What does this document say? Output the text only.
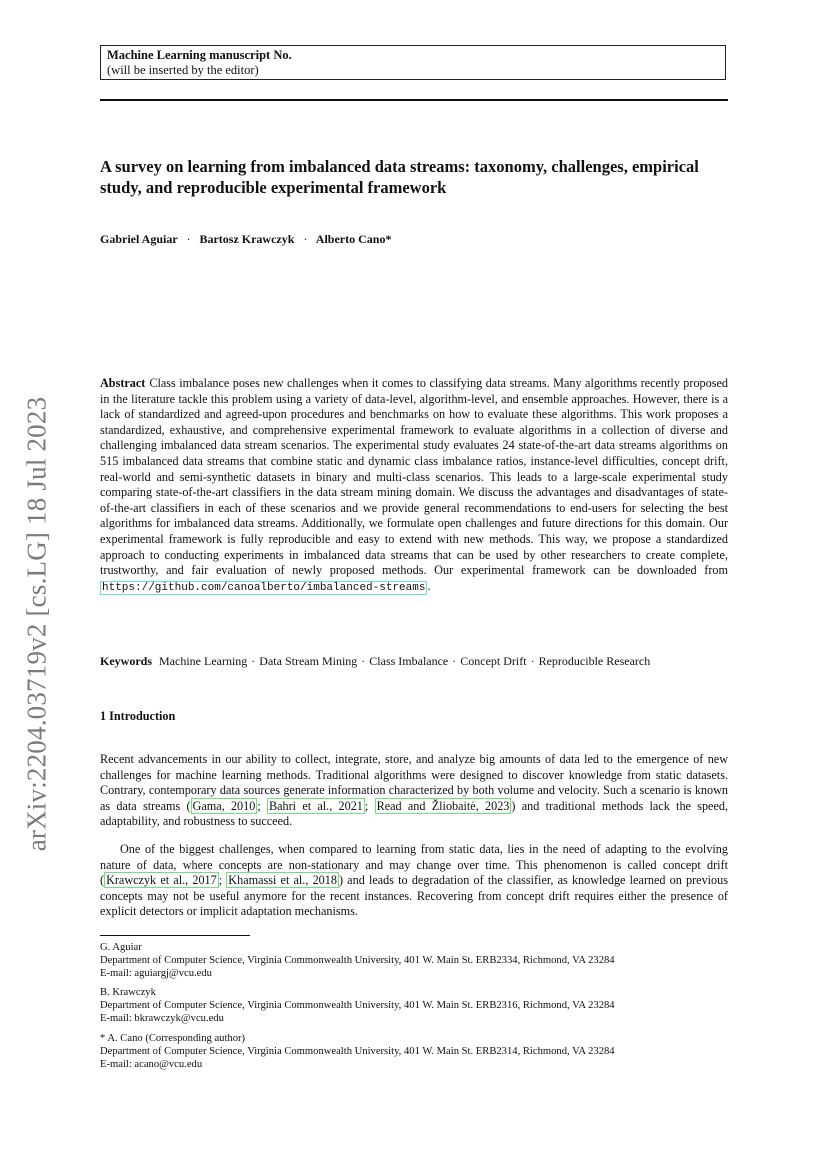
arXiv:2204.03719v2 [cs.LG] 18 Jul 2023
Machine Learning manuscript No.
(will be inserted by the editor)
A survey on learning from imbalanced data streams: taxonomy, challenges, empirical study, and reproducible experimental framework
Gabriel Aguiar · Bartosz Krawczyk · Alberto Cano*

Abstract Class imbalance poses new challenges when it comes to classifying data streams. Many algorithms recently proposed in the literature tackle this problem using a variety of data-level, algorithm-level, and ensemble approaches. However, there is a lack of standardized and agreed-upon procedures and benchmarks on how to evaluate these algorithms. This work proposes a standardized, exhaustive, and comprehensive experimental framework to evaluate algorithms in a collection of diverse and challenging imbalanced data stream scenarios. The experimental study evaluates 24 state-of-the-art data streams algorithms on 515 imbalanced data streams that combine static and dynamic class imbalance ratios, instance-level difficulties, concept drift, real-world and semi-synthetic datasets in binary and multi-class scenarios. This leads to a large-scale experimental study comparing state-of-the-art classifiers in the data stream mining domain. We discuss the advantages and disadvantages of state-of-the-art classifiers in each of these scenarios and we provide general recommendations to end-users for selecting the best algorithms for imbalanced data streams. Additionally, we formulate open challenges and future directions for this domain. Our experimental framework is fully reproducible and easy to extend with new methods. This way, we propose a standardized approach to conducting experiments in imbalanced data streams that can be used by other researchers to create complete, trustworthy, and fair evaluation of newly proposed methods. Our experimental framework can be downloaded from https://github.com/canoalberto/imbalanced-streams .

Keywords Machine Learning · Data Stream Mining · Class Imbalance · Concept Drift · Reproducible Research
1 Introduction

Recent advancements in our ability to collect, integrate, store, and analyze big amounts of data led to the emergence of new challenges for machine learning methods. Traditional algorithms were designed to discover knowledge from static datasets. Contrary, contemporary data sources generate information characterized by both volume and velocity. Such a scenario is known as data streams ( Gama, 2010 ; Bahri et al., 2021 ; Read and Žliobaitė, 2023 ) and traditional methods lack the speed, adaptability, and robustness to succeed.

One of the biggest challenges, when compared to learning from static data, lies in the need of adapting to the evolving nature of data, where concepts are non-stationary and may change over time. This phenomenon is called concept drift ( Krawczyk et al., 2017 ; Khamassi et al., 2018 ) and leads to degradation of the classifier, as knowledge learned on previous concepts may not be useful anymore for the recent instances. Recovering from concept drift requires either the presence of explicit detectors or implicit adaptation mechanisms.

G. Aguiar
Department of Computer Science, Virginia Commonwealth University, 401 W. Main St. ERB2334, Richmond, VA 23284
E-mail: aguiargj@vcu.edu
B. Krawczyk
Department of Computer Science, Virginia Commonwealth University, 401 W. Main St. ERB2316, Richmond, VA 23284
E-mail: bkrawczyk@vcu.edu
* A. Cano (Corresponding author)
Department of Computer Science, Virginia Commonwealth University, 401 W. Main St. ERB2314, Richmond, VA 23284
E-mail: acano@vcu.edu
